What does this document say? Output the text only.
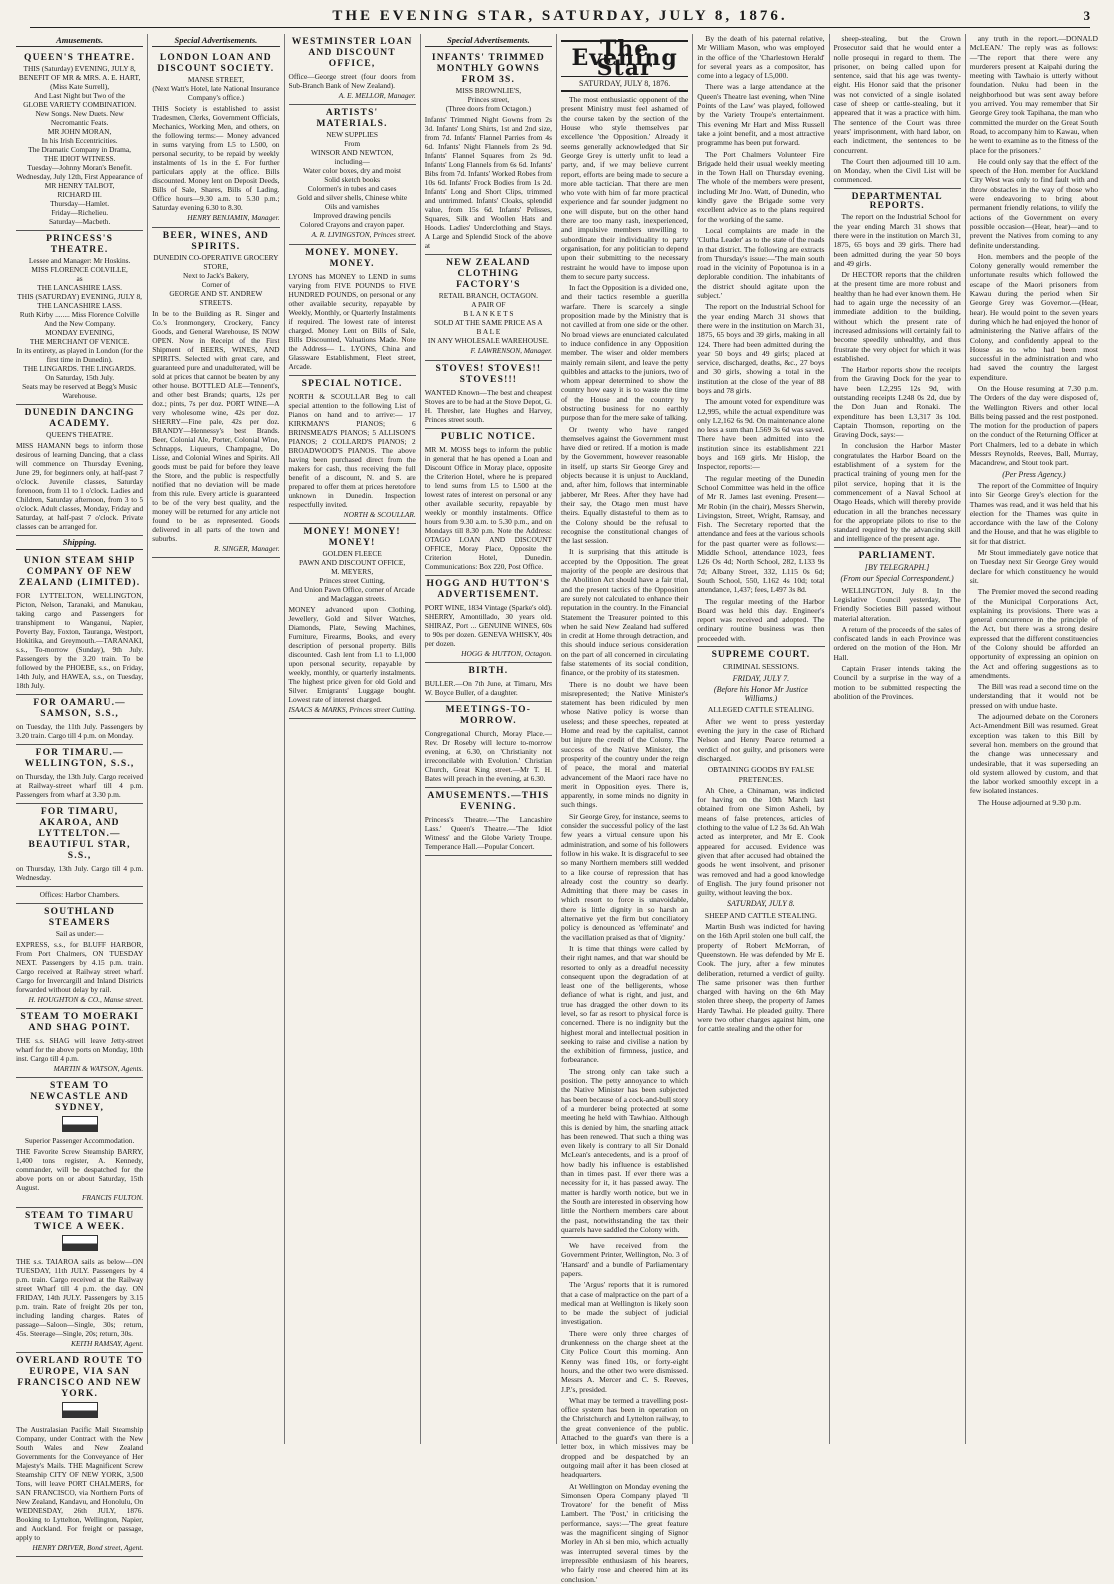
THE EVENING STAR, SATURDAY, JULY 8, 1876.	3
Amusements.
QUEEN'S THEATRE.
THIS (Saturday) EVENING, JULY 8,
BENEFIT OF MR & MRS. A. E. HART,
(Miss Kate Surrell),
And Last Night but Two of the
GLOBE VARIETY COMBINATION.
New Songs. New Duets. New Necromantic Feats.
MR JOHN MORAN,
In his Irish Eccentricities.
The Dramatic Company in Drama,
THE IDIOT WITNESS.
Tuesday—Johnny Moran's Benefit.
Wednesday, July 12th, First Appearance of
MR HENRY TALBOT,
RICHARD III.
Thursday—Hamlet.
Friday—Richelieu.
Saturday—Macbeth.
PRINCESS'S THEATRE.
Lessee and Manager: Mr Hoskins.
MISS FLORENCE COLVILLE,
as
THE LANCASHIRE LASS.
THIS (SATURDAY) EVENING, JULY 8,
THE LANCASHIRE LASS.
Ruth Kirby ........ Miss Florence Colville
And the New Company.
MONDAY EVENING,
THE MERCHANT OF VENICE.
In its entirety, as played in London (for the first time in Dunedin).
THE LINGARDS. THE LINGARDS.
On Saturday, 15th July.
Seats may be reserved at Begg's Music Warehouse.
DUNEDIN DANCING ACADEMY.
QUEEN'S THEATRE.
MISS HAMANN begs to inform those desirous of learning Dancing, that a class will commence on Thursday Evening, June 29, for beginners only, at half-past 7 o'clock. Juvenile classes, Saturday forenoon, from 11 to 1 o'clock. Ladies and Children, Saturday afternoon, from 3 to 5 o'clock. Adult classes, Monday, Friday and Saturday, at half-past 7 o'clock. Private classes can be arranged for.
Shipping.
UNION STEAM SHIP COMPANY OF NEW ZEALAND (LIMITED).
FOR LYTTELTON, WELLINGTON, Picton, Nelson, Taranaki, and Manukau, taking cargo and Passengers for transhipment to Wanganui, Napier, Poverty Bay, Foxton, Tauranga, Westport, Hokitika, and Greymouth.—TARANAKI, s.s., To-morrow (Sunday), 9th July. Passengers by the 3.20 train. To be followed by the PHOEBE, s.s., on Friday, 14th July, and HAWEA, s.s., on Tuesday, 18th July.
FOR OAMARU.—SAMSON, S.S.,
on Tuesday, the 11th July. Passengers by 3.20 train. Cargo till 4 p.m. on Monday.
FOR TIMARU.—WELLINGTON, S.S.,
on Thursday, the 13th July. Cargo received at Railway-street wharf till 4 p.m. Passengers from wharf at 3.30 p.m.
FOR TIMARU, AKAROA, AND LYTTELTON.—BEAUTIFUL STAR, S.S.,
on Thursday, 13th July. Cargo till 4 p.m. Wednesday.
Offices: Harbor Chambers.
SOUTHLAND STEAMERS
Sail as under:—
EXPRESS, s.s., for BLUFF HARBOR, From Port Chalmers, ON TUESDAY NEXT. Passengers by 4.15 p.m. train. Cargo received at Railway street wharf. Cargo for Invercargill and Inland Districts forwarded without delay by rail.
H. HOUGHTON & CO., Manse street.
STEAM TO MOERAKI AND SHAG POINT.
THE s.s. SHAG will leave Jetty-street wharf for the above ports on Monday, 10th inst. Cargo till 4 p.m.
MARTIN & WATSON, Agents.
STEAM TO NEWCASTLE AND SYDNEY,
Superior Passenger Accommodation.
THE Favorite Screw Steamship BARRY, 1,400 tons register, A. Kennedy, commander, will be despatched for the above ports on or about Saturday, 15th August.
FRANCIS FULTON.
STEAM TO TIMARU TWICE A WEEK.
THE s.s. TAIAROA sails as below—ON TUESDAY, 11th JULY. Passengers by 4 p.m. train. Cargo received at the Railway street Wharf till 4 p.m. the day. ON FRIDAY, 14th JULY. Passengers by 3.15 p.m. train. Rate of freight 20s per ton, including landing charges. Rates of passage—Saloon—Single, 30s; return, 45s. Steerage—Single, 20s; return, 30s.
KEITH RAMSAY, Agent.
OVERLAND ROUTE TO EUROPE, VIA SAN FRANCISCO AND NEW YORK.
The Australasian Pacific Mail Steamship Company, under Contract with the New South Wales and New Zealand Governments for the Conveyance of Her Majesty's Mails. THE Magnificent Screw Steamship CITY OF NEW YORK, 3,500 Tons, will leave PORT CHALMERS, for SAN FRANCISCO, via Northern Ports of New Zealand, Kandavu, and Honolulu, On WEDNESDAY, 26th JULY, 1876. Booking to Lyttelton, Wellington, Napier, and Auckland. For freight or passage, apply to
HENRY DRIVER, Bond street, Agent.
Special Advertisements.
LONDON LOAN AND DISCOUNT SOCIETY.
MANSE STREET,
(Next Watt's Hotel, late National Insurance Company's office.)
THIS Society is established to assist Tradesmen, Clerks, Government Officials, Mechanics, Working Men, and others, on the following terms:— Money advanced in sums varying from L5 to L500, on personal security, to be repaid by weekly instalments of 1s in the £. For further particulars apply at the office. Bills discounted. Money lent on Deposit Deeds, Bills of Sale, Shares, Bills of Lading. Office hours—9.30 a.m. to 5.30 p.m.; Saturday evening 6.30 to 8.30.
HENRY BENJAMIN, Manager.
BEER, WINES, AND SPIRITS.
DUNEDIN CO-OPERATIVE GROCERY STORE,
Next to Jack's Bakery,
Corner of
GEORGE AND ST. ANDREW STREETS.
In be to the Building as R. Singer and Co.'s Ironmongery, Crockery, Fancy Goods, and General Warehouse, IS NOW OPEN. Now in Receipt of the First Shipment of BEERS, WINES, AND SPIRITS. Selected with great care, and guaranteed pure and unadulterated, will be sold at prices that cannot be beaten by any other house. BOTTLED ALE—Tennent's, and other best Brands; quarts, 12s per doz.; pints, 7s per doz. PORT WINE—A very wholesome wine, 42s per doz. SHERRY—Fine pale, 42s per doz. BRANDY—Hennessy's best Brands. Beer, Colonial Ale, Porter, Colonial Wine, Schnapps, Liqueurs, Champagne, Do Lisse, and Colonial Wines and Spirits. All goods must be paid for before they leave the Store, and the public is respectfully notified that no deviation will be made from this rule. Every article is guaranteed to be of the very best quality, and the money will be returned for any article not found to be as represented. Goods delivered in all parts of the town and suburbs.
R. SINGER, Manager.
WESTMINSTER LOAN AND DISCOUNT OFFICE,
Office—George street (four doors from Sub-Branch Bank of New Zealand).
A. E. MELLOR, Manager.
ARTISTS' MATERIALS.
NEW SUPPLIES
From
WINSOR AND NEWTON,
including—
Water color boxes, dry and moist
Solid sketch books
Colormen's in tubes and cases
Gold and silver shells, Chinese white
Oils and varnishes
Improved drawing pencils
Colored Crayons and crayon paper.
A. R. LIVINGSTON, Princes street.
MONEY. MONEY. MONEY.
LYONS has MONEY to LEND in sums varying from FIVE POUNDS to FIVE HUNDRED POUNDS, on personal or any other available security, repayable by Weekly, Monthly, or Quarterly Instalments if required. The lowest rate of interest charged. Money Lent on Bills of Sale, Bills Discounted, Valuations Made. Note the Address— L. LYONS, China and Glassware Establishment, Fleet street, Arcade.
SPECIAL NOTICE.
NORTH & SCOULLAR Beg to call special attention to the following List of Pianos on hand and to arrive:— 17 KIRKMAN'S PIANOS; 6 BRINSMEAD'S PIANOS; 5 ALLISON'S PIANOS; 2 COLLARD'S PIANOS; 2 BROADWOOD'S PIANOS. The above having been purchased direct from the makers for cash, thus receiving the full benefit of a discount, N. and S. are prepared to offer them at prices heretofore unknown in Dunedin. Inspection respectfully invited.
NORTH & SCOULLAR.
MONEY! MONEY! MONEY!
GOLDEN FLEECE
PAWN AND DISCOUNT OFFICE,
M. MEYERS,
Princes street Cutting,
And Union Pawn Office, corner of Arcade and Maclaggan streets.
MONEY advanced upon Clothing, Jewellery, Gold and Silver Watches, Diamonds, Plate, Sewing Machines, Furniture, Firearms, Books, and every description of personal property. Bills discounted. Cash lent from L1 to L1,000 upon personal security, repayable by weekly, monthly, or quarterly instalments. The highest price given for old Gold and Silver. Emigrants' Luggage bought. Lowest rate of interest charged.
ISAACS & MARKS, Princes street Cutting.
Special Advertisements.
INFANTS' TRIMMED MONTHLY GOWNS FROM 3S.
MISS BROWNLIE'S,
Princes street,
(Three doors from Octagon.)
Infants' Trimmed Night Gowns from 2s 3d. Infants' Long Shirts, 1st and 2nd size, from 7d. Infants' Flannel Parries from 4s 6d. Infants' Night Flannels from 2s 9d. Infants' Flannel Squares from 2s 9d. Infants' Long Flannels from 6s 6d. Infants' Bibs from 7d. Infants' Worked Robes from 10s 6d. Infants' Frock Bodies from 1s 2d. Infants' Long and Short Clips, trimmed and untrimmed. Infants' Cloaks, splendid value, from 15s 6d. Infants' Pelisses, Squares, Silk and Woollen Hats and Hoods. Ladies' Underclothing and Stays. A Large and Splendid Stock of the above at
NEW ZEALAND CLOTHING FACTORY'S
RETAIL BRANCH, OCTAGON.
A PAIR OF
B L A N K E T S
SOLD AT THE SAME PRICE AS A
B A L E
IN ANY WHOLESALE WAREHOUSE.
F. LAWRENSON, Manager.
STOVES! STOVES!! STOVES!!!
WANTED Known—The best and cheapest Stoves are to be had at the Stove Depot, G. H. Thresher, late Hughes and Harvey, Princes street south.
PUBLIC NOTICE.
MR M. MOSS begs to inform the public in general that he has opened a Loan and Discount Office in Moray place, opposite the Criterion Hotel, where he is prepared to lend sums from L5 to L500 at the lowest rates of interest on personal or any other available security, repayable by weekly or monthly instalments. Office hours from 9.30 a.m. to 5.30 p.m., and on Mondays till 8.30 p.m. Note the Address: OTAGO LOAN AND DISCOUNT OFFICE, Moray Place, Opposite the Criterion Hotel, Dunedin. Communications: Box 220, Post Office.
HOGG AND HUTTON'S ADVERTISEMENT.
PORT WINE, 1834 Vintage (Sparke's old). SHERRY, Amontillado, 30 years old. SHIRAZ, Port ... GENUINE WINES, 60s to 90s per dozen. GENEVA WHISKY, 40s per dozen.
HOGG & HUTTON, Octagon.
BIRTH.
BULLER.—On 7th June, at Timaru, Mrs W. Boyce Buller, of a daughter.
MEETINGS-TO-MORROW.
Congregational Church, Moray Place.—Rev. Dr Roseby will lecture to-morrow evening, at 6.30, on 'Christianity not irreconcilable with Evolution.' Christian Church, Great King street.—Mr T. H. Bates will preach in the evening, at 6.30.
AMUSEMENTS.—THIS EVENING.
Princess's Theatre.—'The Lancashire Lass.' Queen's Theatre.—'The Idiot Witness' and the Globe Variety Troupe. Temperance Hall.—Popular Concert.
The Evening Star
SATURDAY, JULY 8, 1876.

The most enthusiastic opponent of the present Ministry must feel ashamed of the course taken by the section of the House who style themselves par excellence 'the Opposition.' Already it seems generally acknowledged that Sir George Grey is utterly unfit to lead a party, and, if we may believe current report, efforts are being made to secure a more able tactician. That there are men who vote with him of far more practical experience and far sounder judgment no one will dispute, but on the other hand there are too many rash, inexperienced, and impulsive members unwilling to subordinate their individuality to party organisation, for any politician to depend upon their submitting to the necessary restraint he would have to impose upon them to secure party success.

In fact the Opposition is a divided one, and their tactics resemble a guerilla warfare. There is scarcely a single proposition made by the Ministry that is not cavilled at from one side or the other. No broad views are enunciated calculated to induce confidence in any Opposition member. The wiser and older members mainly remain silent, and leave the petty quibbles and attacks to the juniors, two of whom appear determined to show the country how easy it is to waste the time of the House and the country by obstructing business for no earthly purpose than for the mere sake of talking.

Or twenty who have ranged themselves against the Government must have died or retired. If a motion is made by the Government, however reasonable in itself, up starts Sir George Grey and objects because it is unjust to Auckland, and, after him, follows that interminable jabberer, Mr Rees. After they have had their say, the Otago men must have theirs. Equally distasteful to them as to the Colony should be the refusal to recognise the constitutional changes of the last session.

It is surprising that this attitude is accepted by the Opposition. The great majority of the people are desirous that the Abolition Act should have a fair trial, and the present tactics of the Opposition are surely not calculated to enhance their reputation in the country. In the Financial Statement the Treasurer pointed to this when he said New Zealand had suffered in credit at Home through detraction, and this should induce serious consideration on the part of all concerned in circulating false statements of its social condition, finance, or the probity of its statesmen.

There is no doubt we have been misrepresented; the Native Minister's statement has been ridiculed by men whose Native policy is worse than useless; and these speeches, repeated at Home and read by the capitalist, cannot but injure the credit of the Colony. The success of the Native Minister, the prosperity of the country under the reign of peace, the moral and material advancement of the Maori race have no merit in Opposition eyes. There is, apparently, in some minds no dignity in such things.

Sir George Grey, for instance, seems to consider the successful policy of the last few years a virtual censure upon his administration, and some of his followers follow in his wake. It is disgraceful to see so many Northern members still wedded to a like course of repression that has already cost the country so dearly. Admitting that there may be cases in which resort to force is unavoidable, there is little dignity in so harsh an alternative yet the firm but conciliatory policy is denounced as 'effeminate' and the vacillation praised as that of 'dignity.'

It is time that things were called by their right names, and that war should be resorted to only as a dreadful necessity consequent upon the degradation of at least one of the belligerents, whose defiance of what is right, and just, and true has dragged the other down to its level, so far as resort to physical force is concerned. There is no indignity but the highest moral and intellectual position in seeking to raise and civilise a nation by the exhibition of firmness, justice, and forbearance.

The strong only can take such a position. The petty annoyance to which the Native Minister has been subjected has been because of a cock-and-bull story of a murderer being protected at some meeting he held with Tawhiao. Although this is denied by him, the snarling attack has been renewed. That such a thing was even likely is contrary to all Sir Donald McLean's antecedents, and is a proof of how badly his influence is established than in times past. If ever there was a necessity for it, it has passed away. The matter is hardly worth notice, but we in the South are interested in observing how little the Northern members care about the past, notwithstanding the tax their quarrels have saddled the Colony with.

We have received from the Government Printer, Wellington, No. 3 of 'Hansard' and a bundle of Parliamentary papers.

The 'Argus' reports that it is rumored that a case of malpractice on the part of a medical man at Wellington is likely soon to be made the subject of judicial investigation.

There were only three charges of drunkenness on the charge sheet at the City Police Court this morning. Ann Kenny was fined 10s, or forty-eight hours, and the other two were dismissed. Messrs A. Mercer and C. S. Reeves, J.P.'s, presided.

What may be termed a travelling post-office system has been in operation on the Christchurch and Lyttelton railway, to the great convenience of the public. Attached to the guard's van there is a letter box, in which missives may be dropped and be despatched by an outgoing mail after it has been closed at headquarters.

At Wellington on Monday evening the Simonsen Opera Company played 'Il Trovatore' for the benefit of Miss Lambert. The 'Post,' in criticising the performance, says:—'The great feature was the magnificent singing of Signor Morley in Ah si ben mio, which actually was interrupted several times by the irrepressible enthusiasm of his hearers, who fairly rose and cheered him at its conclusion.'

By the death of his paternal relative, Mr William Mason, who was employed in the office of the 'Charlestown Herald' for several years as a compositor, has come into a legacy of L5,000.

There was a large attendance at the Queen's Theatre last evening, when 'Nine Points of the Law' was played, followed by the Variety Troupe's entertainment. This evening Mr Hart and Miss Russell take a joint benefit, and a most attractive programme has been put forward.

The Port Chalmers Volunteer Fire Brigade held their usual weekly meeting in the Town Hall on Thursday evening. The whole of the members were present, including Mr Jno. Watt, of Dunedin, who kindly gave the Brigade some very excellent advice as to the plans required for the working of the same.

Local complaints are made in the 'Clutha Leader' as to the state of the roads in that district. The following are extracts from Thursday's issue:—'The main south road in the vicinity of Popotunoa is in a deplorable condition. The inhabitants of the district should agitate upon the subject.'

The report on the Industrial School for the year ending March 31 shows that there were in the institution on March 31, 1875, 65 boys and 39 girls, making in all 124. There had been admitted during the year 50 boys and 49 girls; placed at service, discharged, deaths, &c., 27 boys and 30 girls, showing a total in the institution at the close of the year of 88 boys and 78 girls.

The amount voted for expenditure was L2,995, while the actual expenditure was only L2,162 6s 9d. On maintenance alone no less a sum than L569 3s 6d was saved. There have been admitted into the institution since its establishment 221 boys and 169 girls. Mr Hislop, the Inspector, reports:—

The regular meeting of the Dunedin School Committee was held in the office of Mr R. James last evening. Present—Mr Robin (in the chair), Messrs Sherwin, Livingston, Street, Wright, Ramsay, and Fish. The Secretary reported that the attendance and fees at the various schools for the past quarter were as follows:— Middle School, attendance 1023, fees L26 Os 4d; North School, 282, L133 9s 7d; Albany Street, 332, L115 0s 6d; South School, 550, L162 4s 10d; total attendance, 1,437; fees, L497 3s 8d.

The regular meeting of the Harbor Board was held this day. Engineer's report was received and adopted. The ordinary routine business was then proceeded with.

SUPREME COURT.
CRIMINAL SESSIONS.
FRIDAY, JULY 7.
(Before his Honor Mr Justice Williams.)
ALLEGED CATTLE STEALING.

After we went to press yesterday evening the jury in the case of Richard Nelson and Henry Pearce returned a verdict of not guilty, and prisoners were discharged.

OBTAINING GOODS BY FALSE PRETENCES.

Ah Chee, a Chinaman, was indicted for having on the 10th March last obtained from one Simon Asheli, by means of false pretences, articles of clothing to the value of L2 3s 6d. Ah Wah acted as interpreter, and Mr E. Cook appeared for accused. Evidence was given that after accused had obtained the goods he went insolvent, and prisoner was removed and had a good knowledge of English. The jury found prisoner not guilty, without leaving the box.

SATURDAY, JULY 8.
SHEEP AND CATTLE STEALING.

Martin Bush was indicted for having on the 16th April stolen one bull calf, the property of Robert McMorran, of Queenstown. He was defended by Mr E. Cook. The jury, after a few minutes deliberation, returned a verdict of guilty. The same prisoner was then further charged with having on the 6th May stolen three sheep, the property of James Hardy Tawhai. He pleaded guilty. There were two other charges against him, one for cattle stealing and the other for

sheep-stealing, but the Crown Prosecutor said that he would enter a nolle prosequi in regard to them. The prisoner, on being called upon for sentence, said that his age was twenty-eight. His Honor said that the prisoner was not convicted of a single isolated case of sheep or cattle-stealing, but it appeared that it was a practice with him. The sentence of the Court was three years' imprisonment, with hard labor, on each indictment, the sentences to be concurrent.

The Court then adjourned till 10 a.m. on Monday, when the Civil List will be commenced.

DEPARTMENTAL REPORTS.

The report on the Industrial School for the year ending March 31 shows that there were in the institution on March 31, 1875, 65 boys and 39 girls. There had been admitted during the year 50 boys and 49 girls.

Dr HECTOR reports that the children at the present time are more robust and healthy than he had ever known them. He had to again urge the necessity of an immediate addition to the building, without which the present rate of increased admissions will certainly fail to become speedily unhealthy, and thus frustrate the very object for which it was established.

The Harbor reports show the receipts from the Graving Dock for the year to have been L2,295 12s 9d, with outstanding receipts L248 0s 2d, due by the Don Juan and Ronaki. The expenditure has been L3,317 3s 10d. Captain Thomson, reporting on the Graving Dock, says:—

In conclusion the Harbor Master congratulates the Harbor Board on the establishment of a system for the practical training of young men for the pilot service, hoping that it is the commencement of a Naval School at Otago Heads, which will thereby provide education in all the branches necessary for the appropriate pilots to rise to the standard required by the advancing skill and intelligence of the present age.

PARLIAMENT.
[BY TELEGRAPH.]
(From our Special Correspondent.)

WELLINGTON, July 8. In the Legislative Council yesterday, The Friendly Societies Bill passed without material alteration.

A return of the proceeds of the sales of confiscated lands in each Province was ordered on the motion of the Hon. Mr Hall.

Captain Fraser intends taking the Council by a surprise in the way of a motion to be submitted respecting the abolition of the Provinces.

any truth in the report.—DONALD McLEAN.' The reply was as follows:—'The report that there were any murderers present at Kaipahi during the meeting with Tawhaio is utterly without foundation. Nuku had been in the neighborhood but was sent away before you arrived. You may remember that Sir George Grey took Tapihana, the man who committed the murder on the Great South Road, to accompany him to Kawau, when he went to examine as to the fitness of the place for the prisoners.'

He could only say that the effect of the speech of the Hon. member for Auckland City West was only to find fault with and throw obstacles in the way of those who were endeavoring to bring about permanent friendly relations, to vilify the actions of the Government on every possible occasion—(Hear, hear)—and to prevent the Natives from coming to any definite understanding.

Hon. members and the people of the Colony generally would remember the unfortunate results which followed the escape of the Maori prisoners from Kawau during the period when Sir George Grey was Governor.—(Hear, hear). He would point to the seven years during which he had enjoyed the honor of administering the Native affairs of the Colony, and confidently appeal to the House as to who had been most successful in the administration and who had saved the country the largest expenditure.

On the House resuming at 7.30 p.m. The Orders of the day were disposed of, the Wellington Rivers and other local Bills being passed and the rest postponed. The motion for the production of papers on the conduct of the Returning Officer at Port Chalmers, led to a debate in which Messrs Reynolds, Reeves, Ball, Murray, Macandrew, and Stout took part.

(Per Press Agency.)

The report of the Committee of Inquiry into Sir George Grey's election for the Thames was read, and it was held that his election for the Thames was quite in accordance with the law of the Colony and the House, and that he was eligible to sit for that district.

Mr Stout immediately gave notice that on Tuesday next Sir George Grey would declare for which constituency he would sit.

The Premier moved the second reading of the Municipal Corporations Act, explaining its provisions. There was a general concurrence in the principle of the Act, but there was a strong desire expressed that the different constituencies of the Colony should be afforded an opportunity of expressing an opinion on the Act and offering suggestions as to amendments.

The Bill was read a second time on the understanding that it would not be pressed on with undue haste.

The adjourned debate on the Coroners Act-Amendment Bill was resumed. Great exception was taken to this Bill by several hon. members on the ground that the change was unnecessary and undesirable, that it was superseding an old system allowed by custom, and that the labor worked smoothly except in a few isolated instances.

The House adjourned at 9.30 p.m.
